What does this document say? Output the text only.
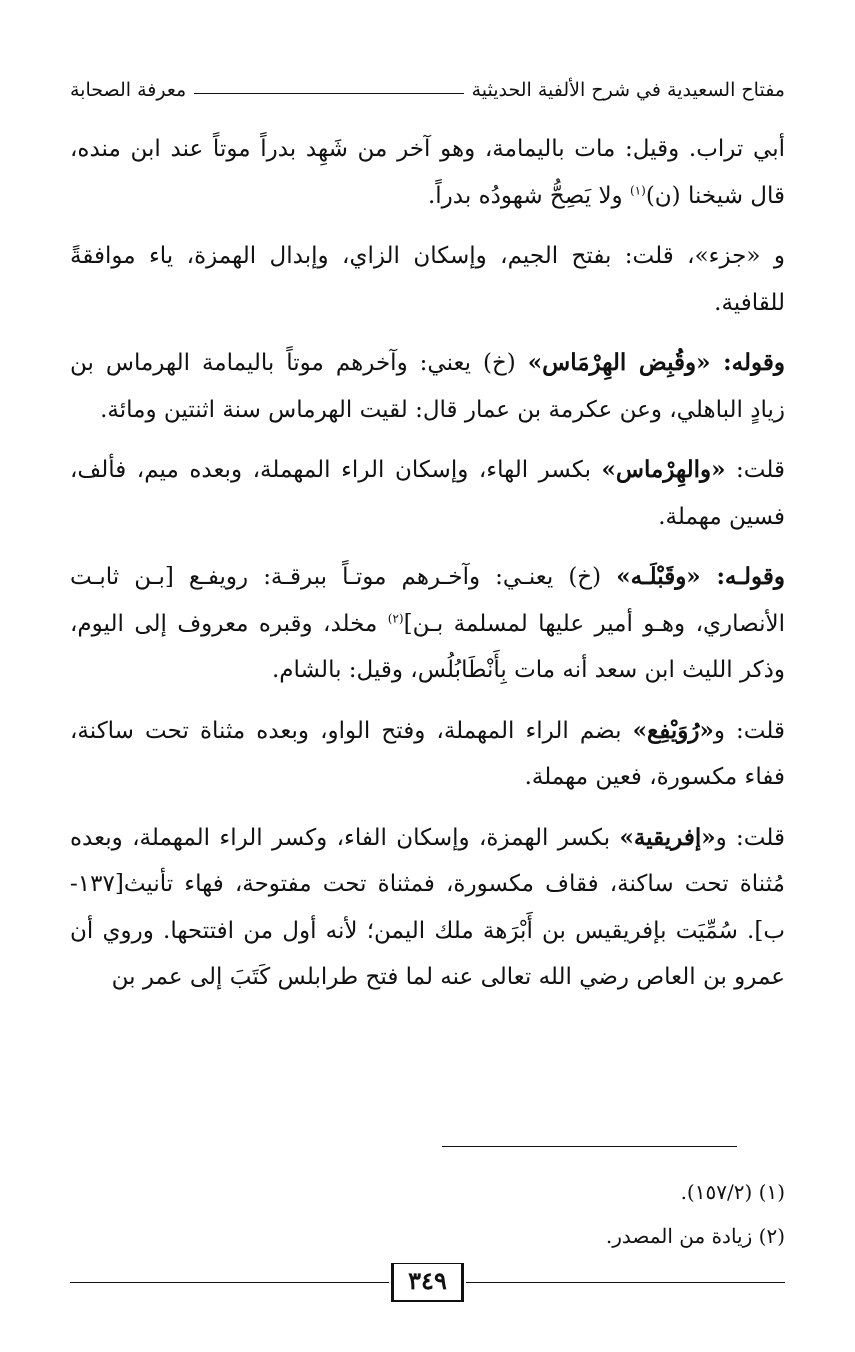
مفتاح السعيدية في شرح الألفية الحديثية
معرفة الصحابة

أبي تراب. وقيل: مات باليمامة، وهو آخر من شَهِد بدراً موتاً عند ابن منده، قال شيخنا (ن)$^{(١)}$ ولا يَصِحُّ شهودُه بدراً.

و «جزء»، قلت: بفتح الجيم، وإسكان الزاي، وإبدال الهمزة، ياء موافقةً للقافية.

وقوله: «وقُبِض الهِرْمَاس» (خ) يعني: وآخرهم موتاً باليمامة الهرماس بن زيادٍ الباهلي، وعن عكرمة بن عمار قال: لقيت الهرماس سنة اثنتين ومائة.

قلت: «والهِرْماس» بكسر الهاء، وإسكان الراء المهملة، وبعده ميم، فألف، فسين مهملة.

وقولـه: «وقَبْلَـه» (خ) يعنـي: وآخـرهم موتـاً ببرقـة: رويفـع [بـن ثابـت الأنصاري، وهـو أمير عليها لمسلمة بـن]$^{(٢)}$ مخلد، وقبره معروف إلى اليوم، وذكر الليث ابن سعد أنه مات بِأَنْطَابُلُس، وقيل: بالشام.

قلت: و«رُوَيْفِع» بضم الراء المهملة، وفتح الواو، وبعده مثناة تحت ساكنة، ففاء مكسورة، فعين مهملة.

قلت: و«إفريقية» بكسر الهمزة، وإسكان الفاء، وكسر الراء المهملة، وبعده مُثناة تحت ساكنة، فقاف مكسورة، فمثناة تحت مفتوحة، فهاء تأنيث[١٣٧-ب]. سُمِّيَت بإفريقيس بن أَبْرَهة ملك اليمن؛ لأنه أول من افتتحها. وروي أن عمرو بن العاص رضي الله تعالى عنه لما فتح طرابلس كَتَبَ إلى عمر بن

(١) (١٥٧/٢).

(٢) زيادة من المصدر.

٣٤٩
